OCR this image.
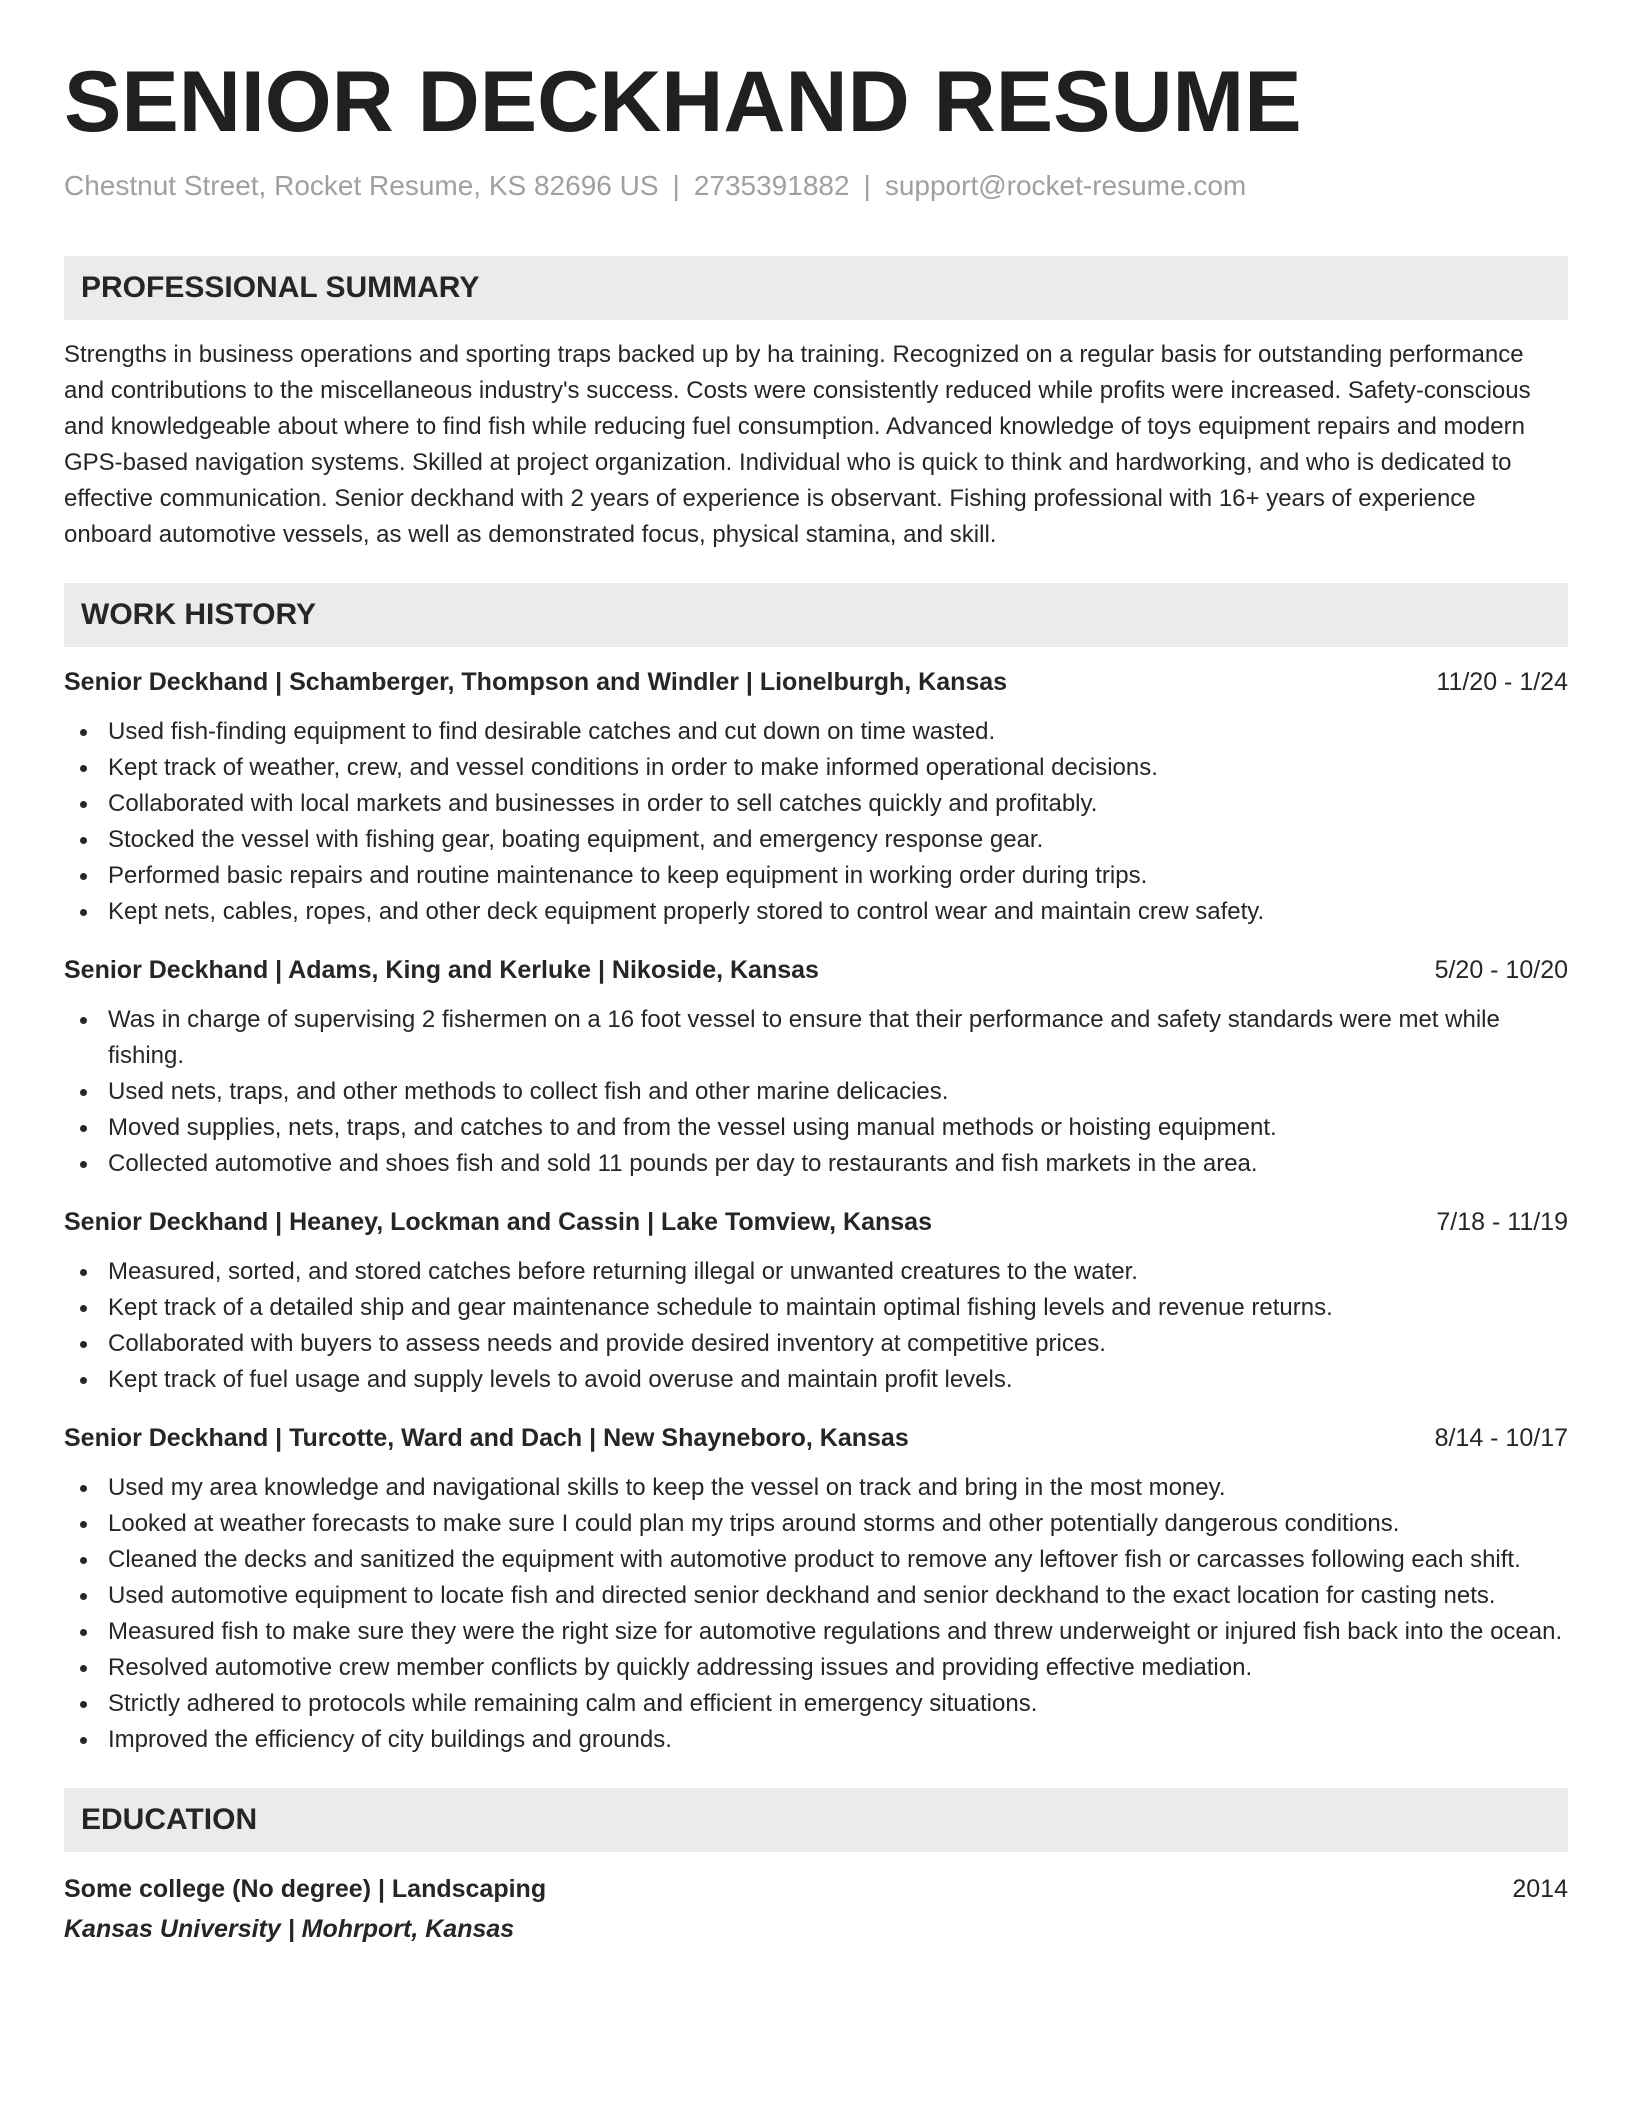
SENIOR DECKHAND RESUME
Chestnut Street, Rocket Resume, KS 82696 US | 2735391882 | support@rocket-resume.com
PROFESSIONAL SUMMARY
Strengths in business operations and sporting traps backed up by ha training. Recognized on a regular basis for outstanding performance and contributions to the miscellaneous industry's success. Costs were consistently reduced while profits were increased. Safety-conscious and knowledgeable about where to find fish while reducing fuel consumption. Advanced knowledge of toys equipment repairs and modern GPS-based navigation systems. Skilled at project organization. Individual who is quick to think and hardworking, and who is dedicated to effective communication. Senior deckhand with 2 years of experience is observant. Fishing professional with 16+ years of experience onboard automotive vessels, as well as demonstrated focus, physical stamina, and skill.
WORK HISTORY
Senior Deckhand | Schamberger, Thompson and Windler | Lionelburgh, Kansas	11/20 - 1/24
Used fish-finding equipment to find desirable catches and cut down on time wasted.
Kept track of weather, crew, and vessel conditions in order to make informed operational decisions.
Collaborated with local markets and businesses in order to sell catches quickly and profitably.
Stocked the vessel with fishing gear, boating equipment, and emergency response gear.
Performed basic repairs and routine maintenance to keep equipment in working order during trips.
Kept nets, cables, ropes, and other deck equipment properly stored to control wear and maintain crew safety.
Senior Deckhand | Adams, King and Kerluke | Nikoside, Kansas	5/20 - 10/20
Was in charge of supervising 2 fishermen on a 16 foot vessel to ensure that their performance and safety standards were met while fishing.
Used nets, traps, and other methods to collect fish and other marine delicacies.
Moved supplies, nets, traps, and catches to and from the vessel using manual methods or hoisting equipment.
Collected automotive and shoes fish and sold 11 pounds per day to restaurants and fish markets in the area.
Senior Deckhand | Heaney, Lockman and Cassin | Lake Tomview, Kansas	7/18 - 11/19
Measured, sorted, and stored catches before returning illegal or unwanted creatures to the water.
Kept track of a detailed ship and gear maintenance schedule to maintain optimal fishing levels and revenue returns.
Collaborated with buyers to assess needs and provide desired inventory at competitive prices.
Kept track of fuel usage and supply levels to avoid overuse and maintain profit levels.
Senior Deckhand | Turcotte, Ward and Dach | New Shayneboro, Kansas	8/14 - 10/17
Used my area knowledge and navigational skills to keep the vessel on track and bring in the most money.
Looked at weather forecasts to make sure I could plan my trips around storms and other potentially dangerous conditions.
Cleaned the decks and sanitized the equipment with automotive product to remove any leftover fish or carcasses following each shift.
Used automotive equipment to locate fish and directed senior deckhand and senior deckhand to the exact location for casting nets.
Measured fish to make sure they were the right size for automotive regulations and threw underweight or injured fish back into the ocean.
Resolved automotive crew member conflicts by quickly addressing issues and providing effective mediation.
Strictly adhered to protocols while remaining calm and efficient in emergency situations.
Improved the efficiency of city buildings and grounds.
EDUCATION
Some college (No degree) | Landscaping	2014
Kansas University | Mohrport, Kansas
